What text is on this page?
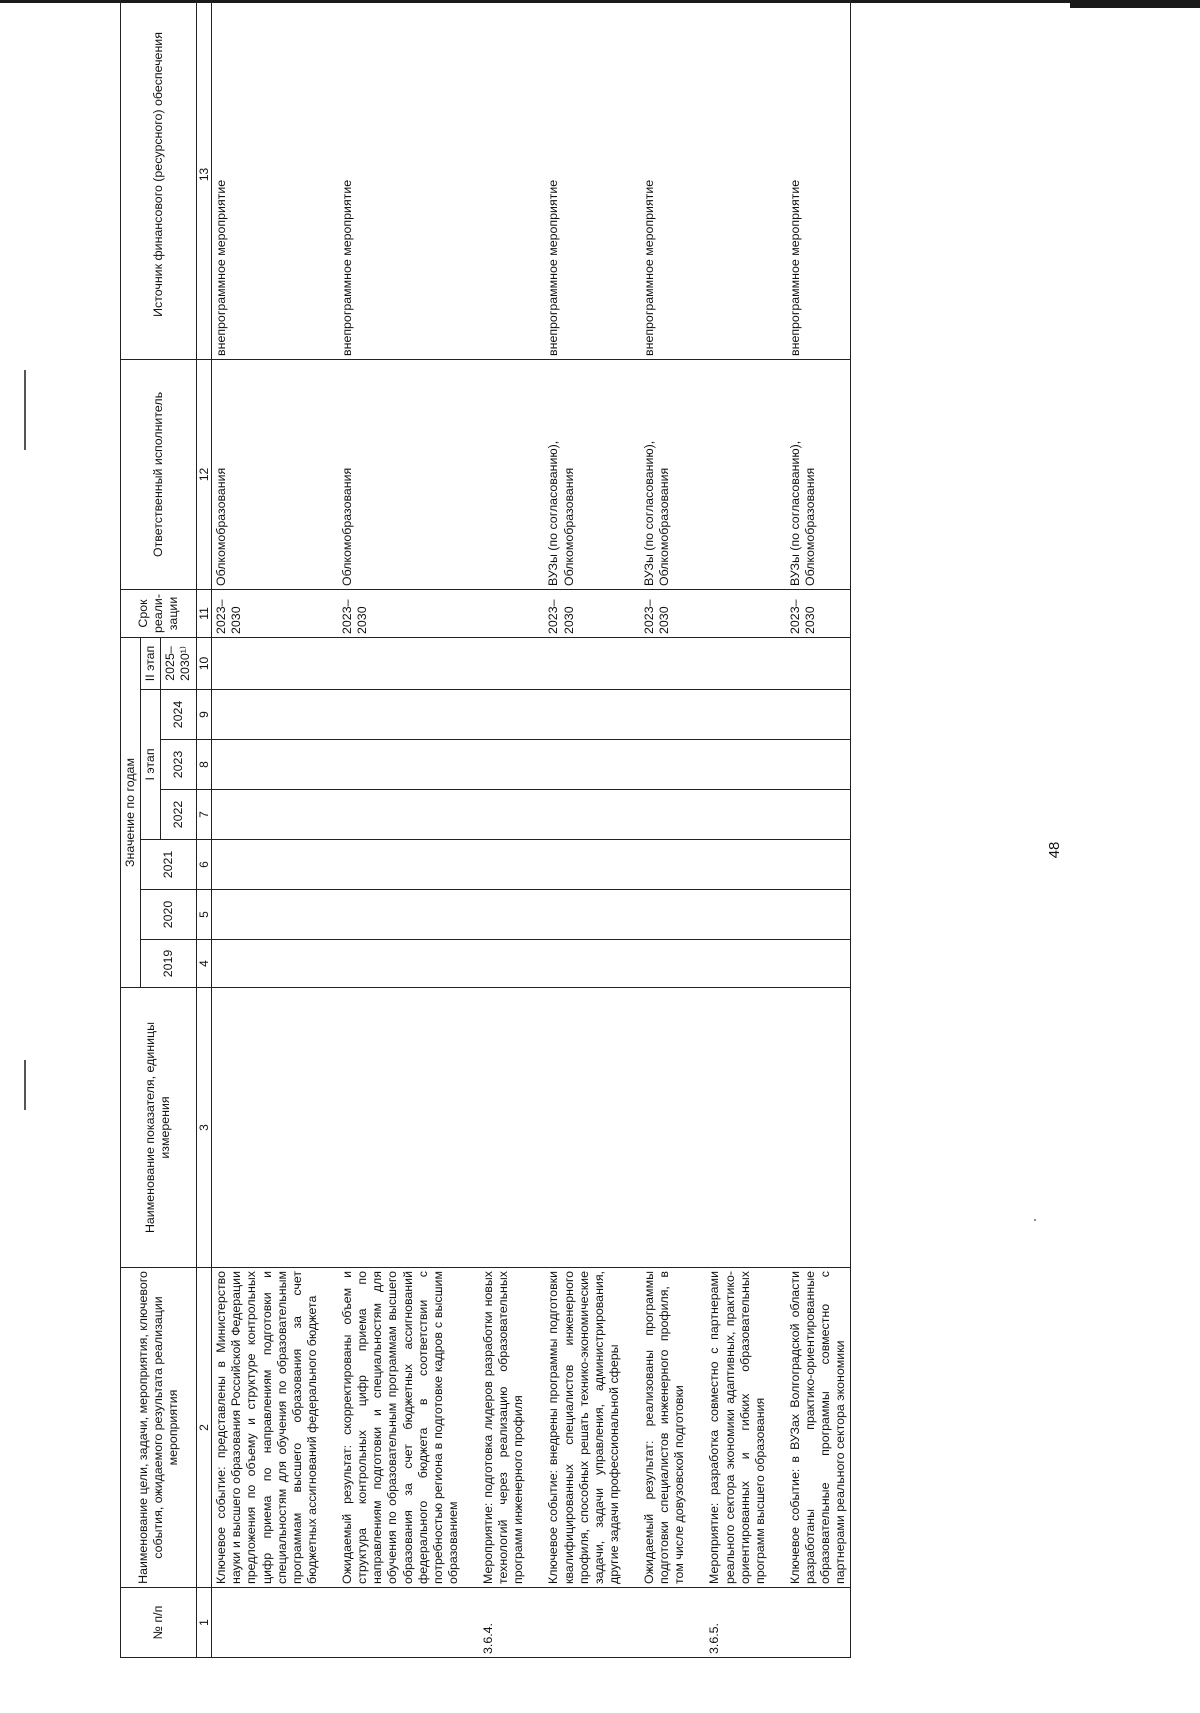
48
№ п/п	Наименование цели, задачи, мероприятия, ключевого события, ожидаемого результата реализации мероприятия	Наименование показателя, единицы измерения	Значение по годам							Срок реали-зации	Ответственный исполнитель	Источник финансового (ресурсного) обеспечения
			2019	2020	2021	I этап			II этап			
						2022	2023	2024	2025–2030¹⁾			
1	2	3	4	5	6	7	8	9	10	11	12	13
	Ключевое событие: представлены в Министерство науки и высшего образования Российской Федерации предложения по объему и структуре контрольных цифр приема по направлениям подготовки и специальностям для обучения по образовательным программам высшего образования за счет бюджетных ассигнований федерального бюджета									2023–2030	Облкомобразования	внепрограммное мероприятие

	Ожидаемый результат: скорректированы объем и структура контрольных цифр приема по направлениям подготовки и специальностям для обучения по образовательным программам высшего образования за счет бюджетных ассигнований федерального бюджета в соответствии с потребностью региона в подготовке кадров с высшим образованием									2023–2030	Облкомобразования	внепрограммное мероприятие

3.6.4.	Мероприятие: подготовка лидеров разработки новых технологий через реализацию образовательных программ инженерного профиля											

	Ключевое событие: внедрены программы подготовки квалифицированных специалистов инженерного профиля, способных решать технико-экономические задачи, задачи управления, администрирования, другие задачи профессиональной сферы									2023–2030	ВУЗы (по согласованию), Облкомобразования	внепрограммное мероприятие

	Ожидаемый результат: реализованы программы подготовки специалистов инженерного профиля, в том числе довузовской подготовки									2023–2030	ВУЗы (по согласованию), Облкомобразования	внепрограммное мероприятие

3.6.5.	Мероприятие: разработка совместно с партнерами реального сектора экономики адаптивных, практико-ориентированных и гибких образовательных программ высшего образования											

	Ключевое событие: в ВУЗах Волгоградской области разработаны практико-ориентированные образовательные программы совместно с партнерами реального сектора экономики									2023–2030	ВУЗы (по согласованию), Облкомобразования	внепрограммное мероприятие
